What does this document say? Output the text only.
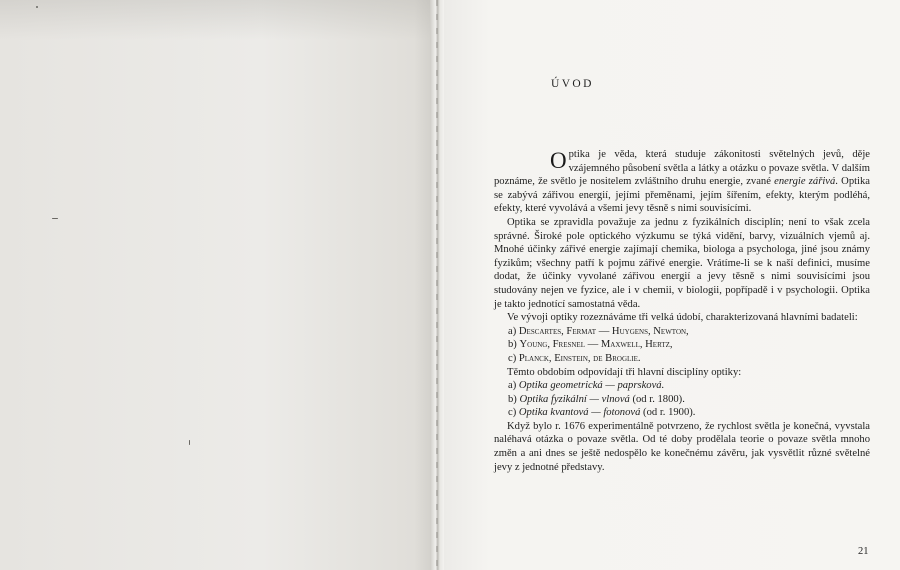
ÚVOD

Optika je věda, která studuje zákonitosti světelných jevů, děje vzájemného působení světla a látky a otázku o povaze světla. V dalším poznáme, že světlo je nositelem zvláštního druhu energie, zvané energie zářivá. Optika se zabývá zářivou energií, jejími přeměnami, jejím šířením, efekty, kterým podléhá, efekty, které vyvolává a všemi jevy těsně s nimi souvisícími.

Optika se zpravidla považuje za jednu z fyzikálních disciplín; není to však zcela správné. Široké pole optického výzkumu se týká vidění, barvy, vizuálních vjemů aj. Mnohé účinky zářivé energie zajímají chemika, biologa a psychologa, jiné jsou známy fyzikům; všechny patří k pojmu zářivé energie. Vrátíme-li se k naší definici, musíme dodat, že účinky vyvolané zářivou energií a jevy těsně s nimi souvisícími jsou studovány nejen ve fyzice, ale i v chemii, v biologii, popřípadě i v psychologii. Optika je takto jednotící samostatná věda.

Ve vývoji optiky rozeznáváme tři velká údobí, charakterizovaná hlavními badateli:

a) Descartes, Fermat — Huygens, Newton,
b) Young, Fresnel — Maxwell, Hertz,
c) Planck, Einstein, de Broglie.

Těmto obdobím odpovídají tři hlavní disciplíny optiky:

a) Optika geometrická — paprsková.
b) Optika fyzikální — vlnová (od r. 1800).
c) Optika kvantová — fotonová (od r. 1900).

Když bylo r. 1676 experimentálně potvrzeno, že rychlost světla je konečná, vyvstala naléhavá otázka o povaze světla. Od té doby prodělala teorie o povaze světla mnoho změn a ani dnes se ještě nedospělo ke konečnému závěru, jak vysvětlit různé světelné jevy z jednotné představy.

21
